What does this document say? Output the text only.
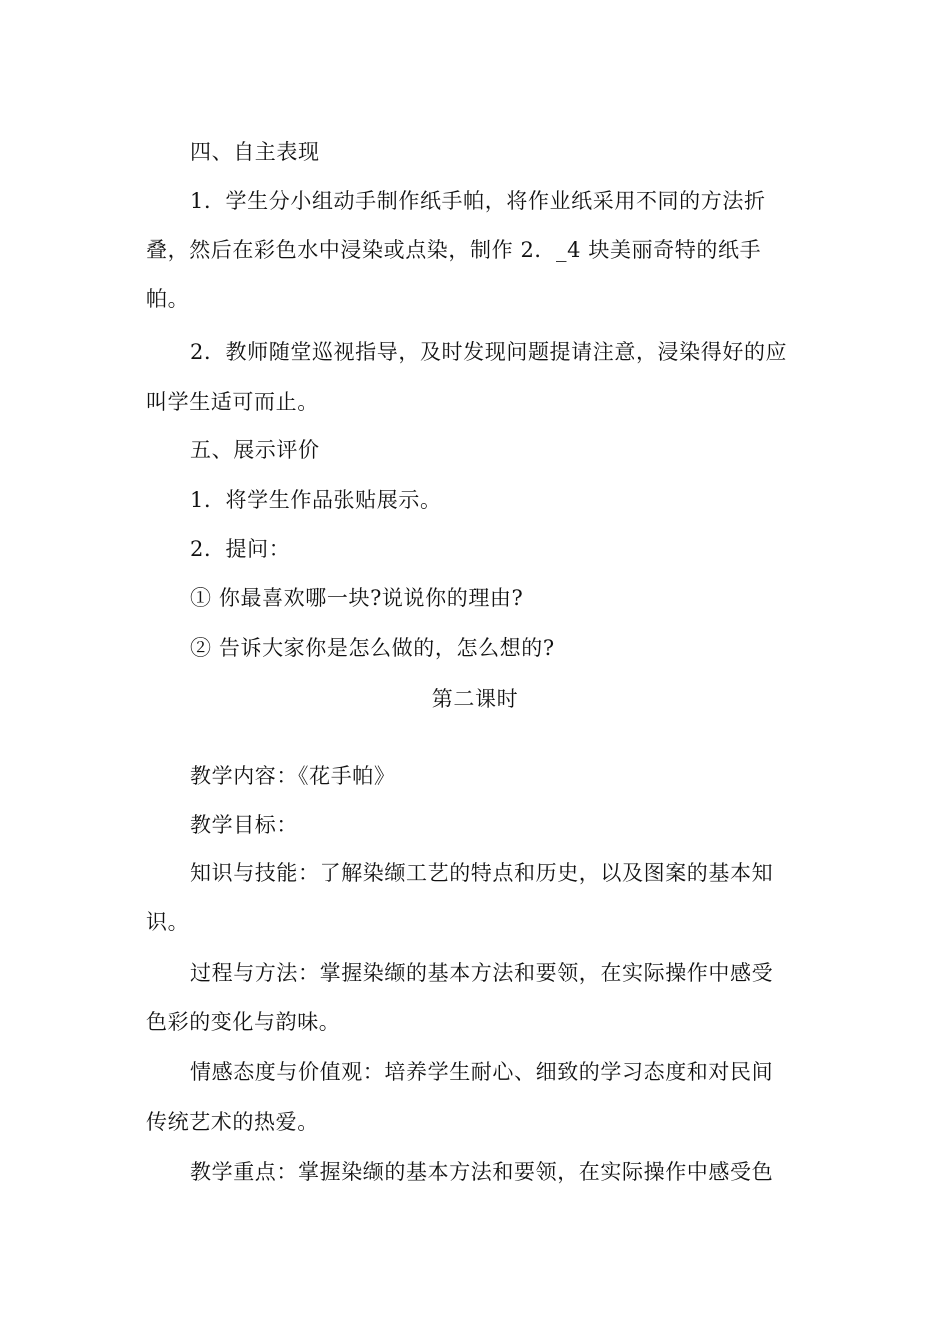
四、自主表现
1．学生分小组动手制作纸手帕，将作业纸采用不同的方法折
叠，然后在彩色水中浸染或点染，制作 2．_4 块美丽奇特的纸手
帕。
2．教师随堂巡视指导，及时发现问题提请注意，浸染得好的应
叫学生适可而止。
五、展示评价
1．将学生作品张贴展示。
2．提问：
① 你最喜欢哪一块?说说你的理由?
② 告诉大家你是怎么做的，怎么想的?
第二课时
教学内容：《花手帕》
教学目标：
知识与技能：了解染缬工艺的特点和历史，以及图案的基本知
识。
过程与方法：掌握染缬的基本方法和要领，在实际操作中感受
色彩的变化与韵味。
情感态度与价值观：培养学生耐心、细致的学习态度和对民间
传统艺术的热爱。
教学重点：掌握染缬的基本方法和要领，在实际操作中感受色
